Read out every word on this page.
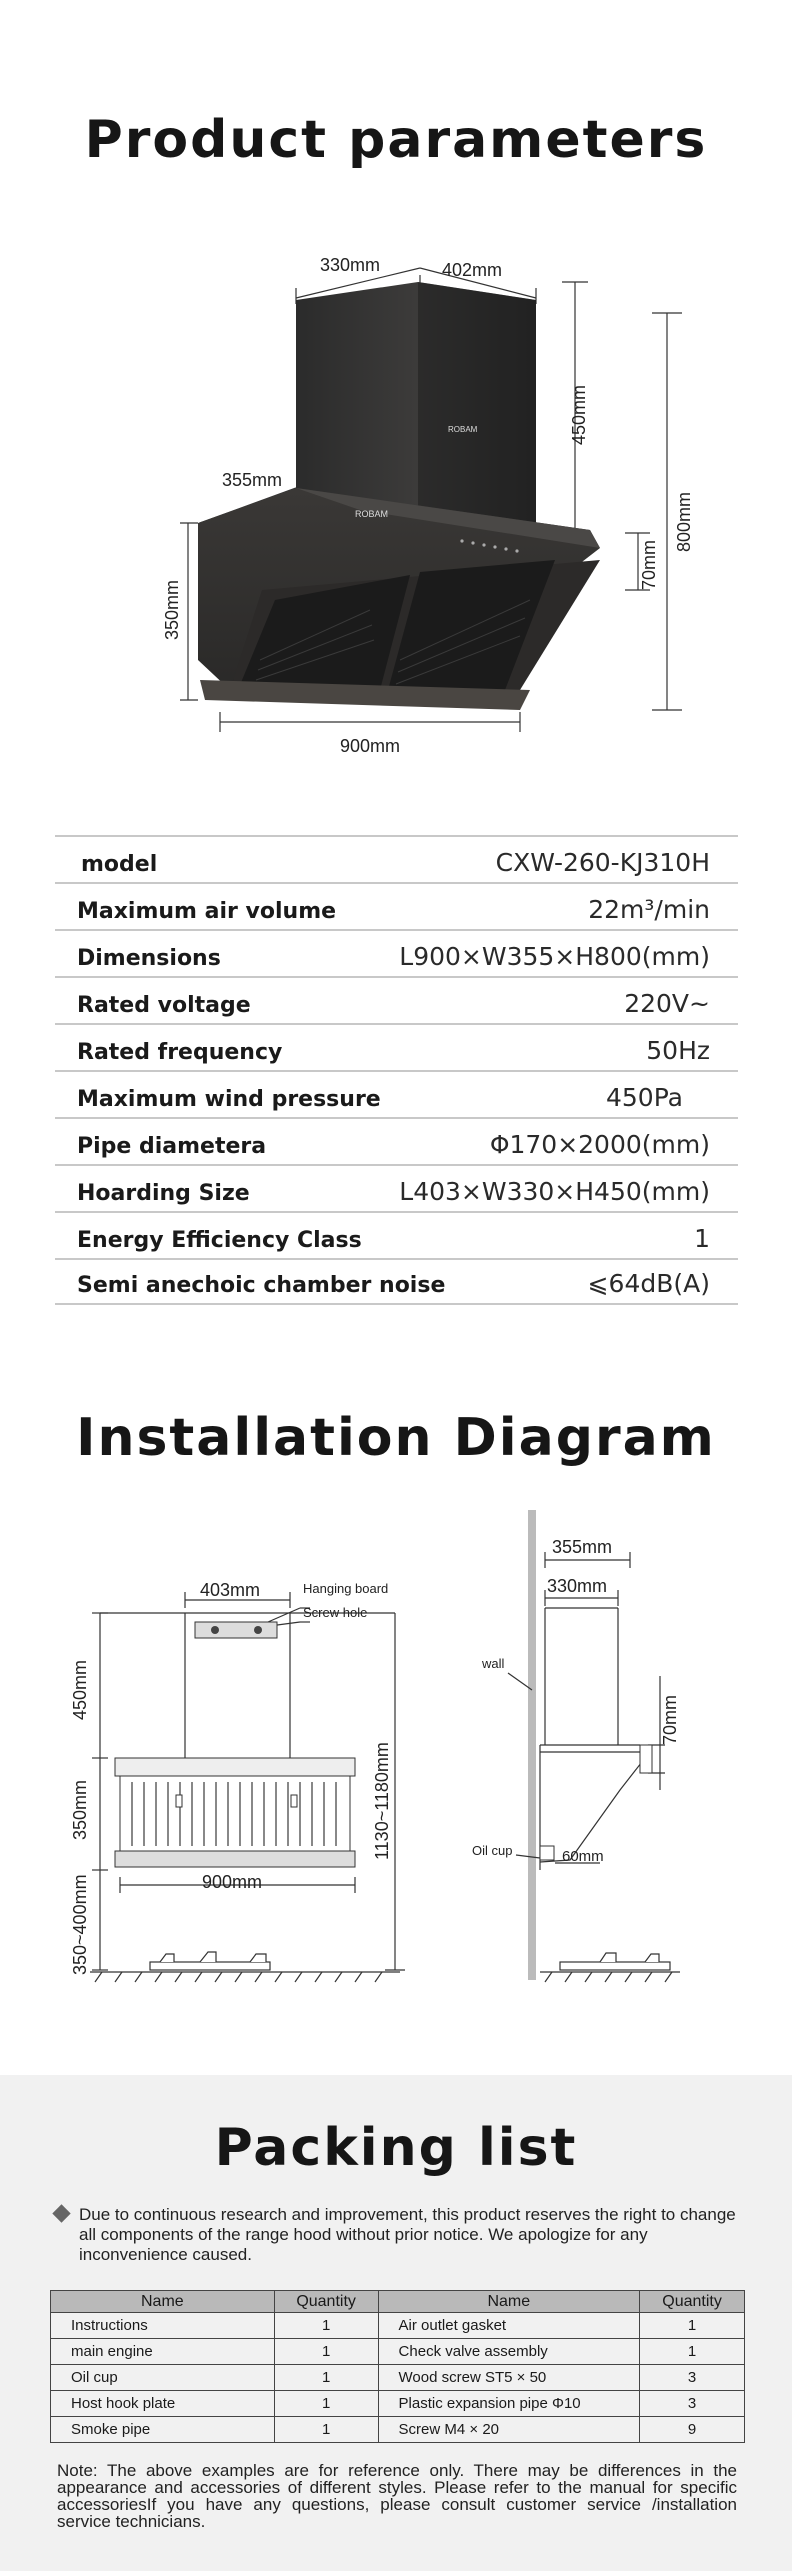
Product parameters
ROBAM
ROBAM
330mm	402mm
355mm
900mm
450mm
800mm
350mm
70mm
model	CXW-260-KJ310H
Maximum air volume	22m³/min
Dimensions	L900×W355×H800(mm)
Rated voltage	220V~
Rated frequency	50Hz
Maximum wind pressure	450Pa
Pipe diametera	Φ170×2000(mm)
Hoarding Size	L403×W330×H450(mm)
Energy Efficiency Class	1
Semi anechoic chamber noise	⩽64dB(A)
Installation Diagram
403mm	Hanging board
Screw hole
900mm
450mm
350mm
350~400mm
1130~1180mm
355mm
330mm
wall
70mm
Oil cup	60mm
Packing list
Due to continuous research and improvement, this product reserves the right to change all components of the range hood without prior notice. We apologize for any inconvenience caused.
Name	Quantity	Name	Quantity
Instructions	1	Air outlet gasket	1
main engine	1	Check valve assembly	1
Oil cup	1	Wood screw ST5 × 50	3
Host hook plate	1	Plastic expansion pipe Φ10	3
Smoke pipe	1	Screw M4 × 20	9
Note: The above examples are for reference only. There may be differences in the appearance and accessories of different styles. Please refer to the manual for specific accessoriesIf you have any questions, please consult customer service /installation service technicians.
